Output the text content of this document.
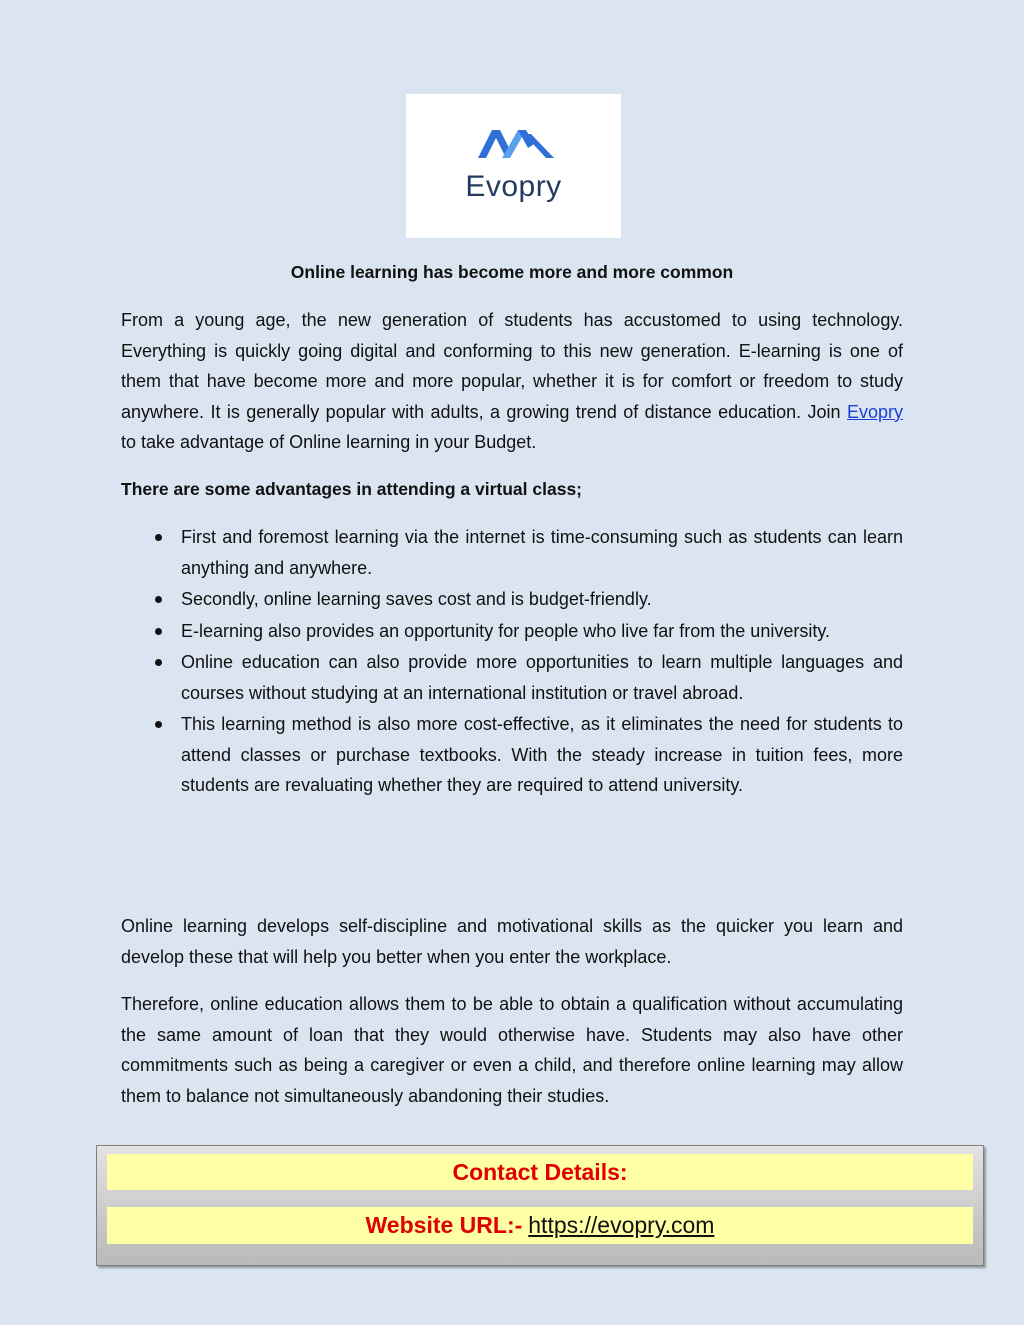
Evopry
Online learning has become more and more common

From a young age, the new generation of students has accustomed to using technology. Everything is quickly going digital and conforming to this new generation. E-learning is one of them that have become more and more popular, whether it is for comfort or freedom to study anywhere. It is generally popular with adults, a growing trend of distance education. Join Evopry to take advantage of Online learning in your Budget.

There are some advantages in attending a virtual class;
First and foremost learning via the internet is time-consuming such as students can learn anything and anywhere.
Secondly, online learning saves cost and is budget-friendly.
E-learning also provides an opportunity for people who live far from the university.
Online education can also provide more opportunities to learn multiple languages and courses without studying at an international institution or travel abroad.
This learning method is also more cost-effective, as it eliminates the need for students to attend classes or purchase textbooks. With the steady increase in tuition fees, more students are revaluating whether they are required to attend university.

Online learning develops self-discipline and motivational skills as the quicker you learn and develop these that will help you better when you enter the workplace.

Therefore, online education allows them to be able to obtain a qualification without accumulating the same amount of loan that they would otherwise have. Students may also have other commitments such as being a caregiver or even a child, and therefore online learning may allow them to balance not simultaneously abandoning their studies.

Contact Details:
Website URL:- https://evopry.com
